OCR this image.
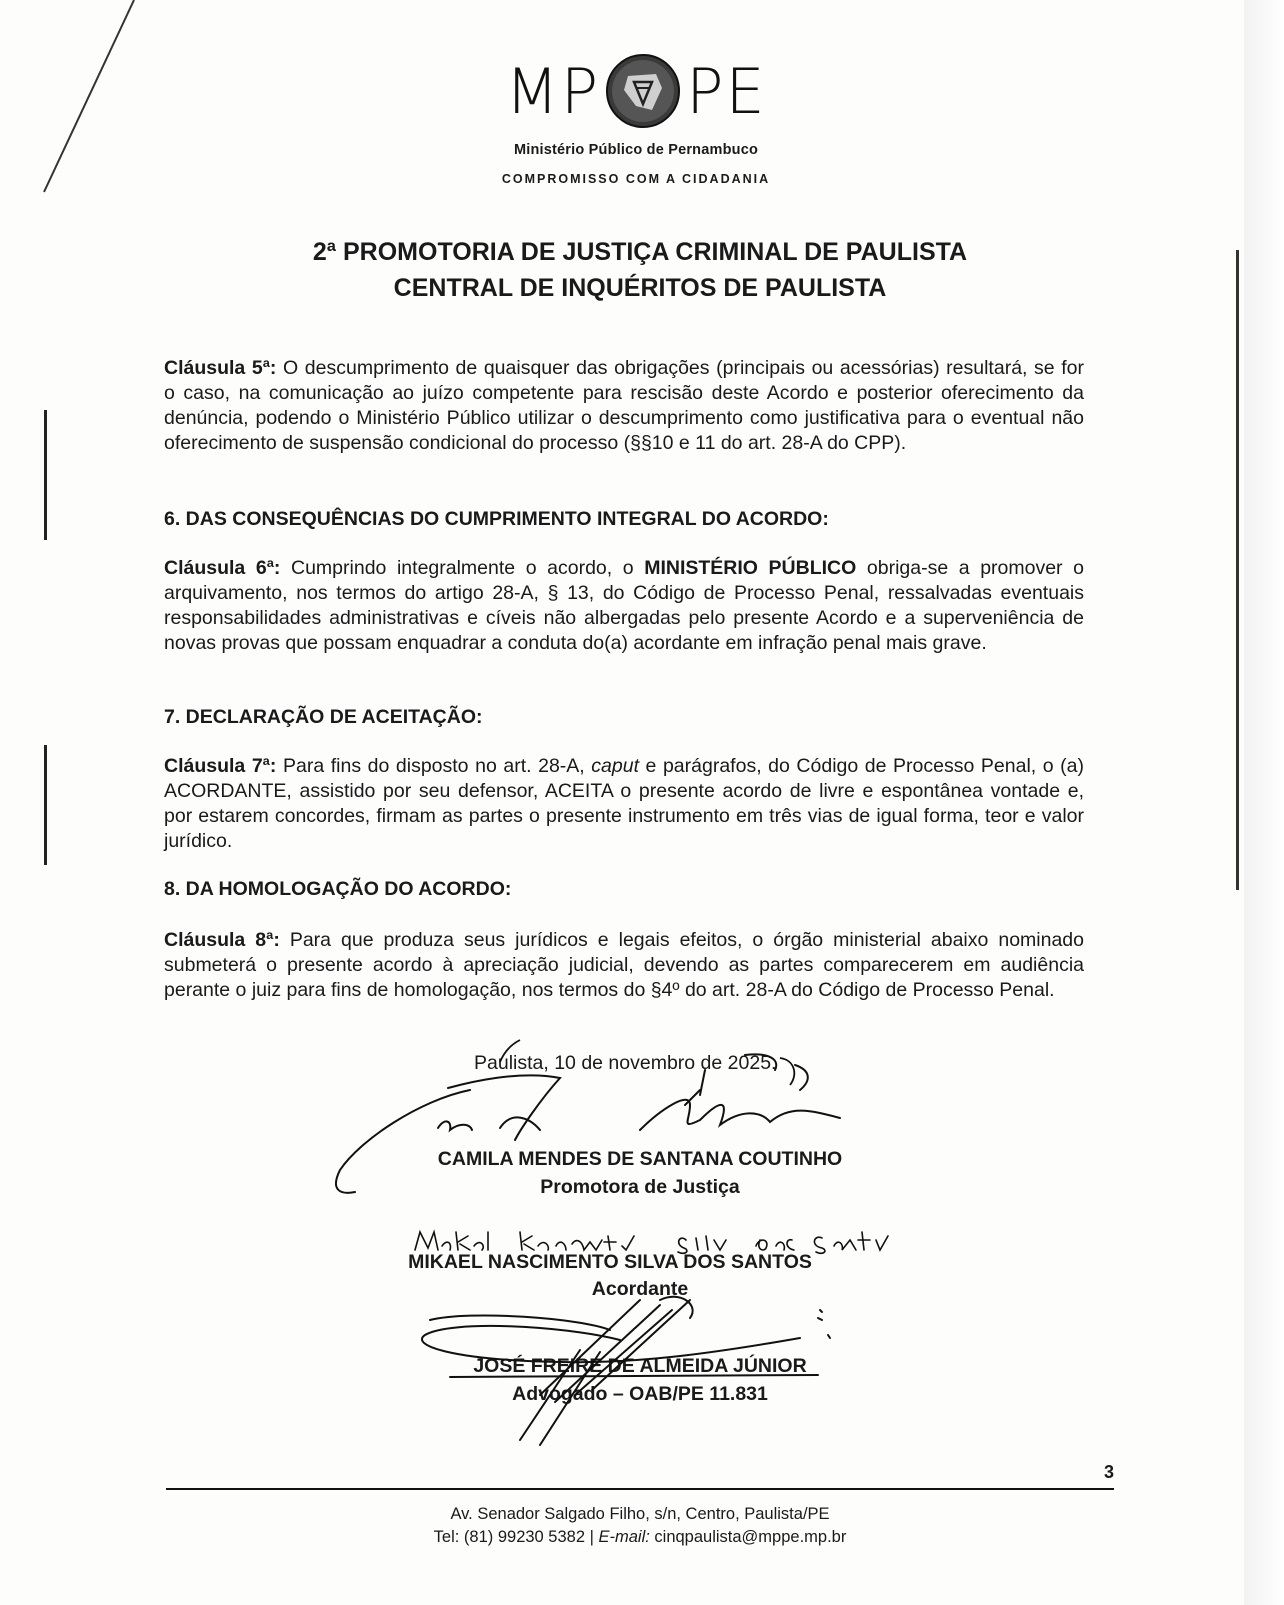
MP PE
Ministério Público de Pernambuco
COMPROMISSO COM A CIDADANIA
2ª PROMOTORIA DE JUSTIÇA CRIMINAL DE PAULISTA
CENTRAL DE INQUÉRITOS DE PAULISTA
Cláusula 5ª: O descumprimento de quaisquer das obrigações (principais ou acessórias) resultará, se for o caso, na comunicação ao juízo competente para rescisão deste Acordo e posterior oferecimento da denúncia, podendo o Ministério Público utilizar o descumprimento como justificativa para o eventual não oferecimento de suspensão condicional do processo (§§10 e 11 do art. 28-A do CPP).
6. DAS CONSEQUÊNCIAS DO CUMPRIMENTO INTEGRAL DO ACORDO:
Cláusula 6ª: Cumprindo integralmente o acordo, o MINISTÉRIO PÚBLICO obriga-se a promover o arquivamento, nos termos do artigo 28-A, § 13, do Código de Processo Penal, ressalvadas eventuais responsabilidades administrativas e cíveis não albergadas pelo presente Acordo e a superveniência de novas provas que possam enquadrar a conduta do(a) acordante em infração penal mais grave.
7. DECLARAÇÃO DE ACEITAÇÃO:
Cláusula 7ª: Para fins do disposto no art. 28-A, caput e parágrafos, do Código de Processo Penal, o (a) ACORDANTE, assistido por seu defensor, ACEITA o presente acordo de livre e espontânea vontade e, por estarem concordes, firmam as partes o presente instrumento em três vias de igual forma, teor e valor jurídico.
8. DA HOMOLOGAÇÃO DO ACORDO:
Cláusula 8ª: Para que produza seus jurídicos e legais efeitos, o órgão ministerial abaixo nominado submeterá o presente acordo à apreciação judicial, devendo as partes comparecerem em audiência perante o juiz para fins de homologação, nos termos do §4º do art. 28-A do Código de Processo Penal.
Paulista, 10 de novembro de 2025.
CAMILA MENDES DE SANTANA COUTINHO
Promotora de Justiça
MIKAEL NASCIMENTO SILVA DOS SANTOS
Acordante
JOSÉ FREIRE DE ALMEIDA JÚNIOR
Advogado – OAB/PE 11.831
3
Av. Senador Salgado Filho, s/n, Centro, Paulista/PE
Tel: (81) 99230 5382 | E-mail: cinqpaulista@mppe.mp.br
